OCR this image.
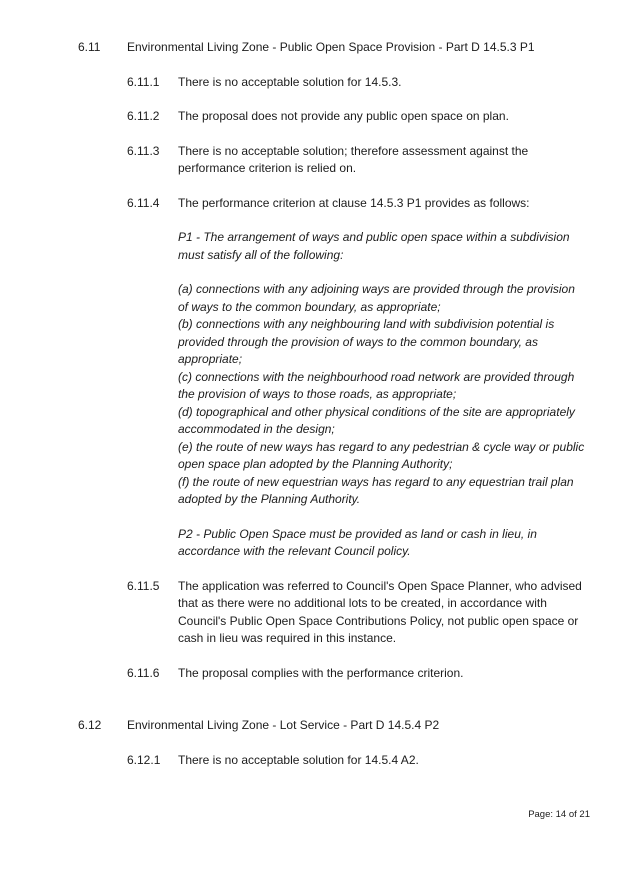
6.11	Environmental Living Zone - Public Open Space Provision - Part D 14.5.3 P1
6.11.1	There is no acceptable solution for 14.5.3.
6.11.2	The proposal does not provide any public open space on plan.
6.11.3	There is no acceptable solution; therefore assessment against the performance criterion is relied on.
6.11.4	The performance criterion at clause 14.5.3 P1 provides as follows:
P1 - The arrangement of ways and public open space within a subdivision must satisfy all of the following:
(a) connections with any adjoining ways are provided through the provision of ways to the common boundary, as appropriate;
(b) connections with any neighbouring land with subdivision potential is provided through the provision of ways to the common boundary, as appropriate;
(c) connections with the neighbourhood road network are provided through the provision of ways to those roads, as appropriate;
(d) topographical and other physical conditions of the site are appropriately accommodated in the design;
(e) the route of new ways has regard to any pedestrian & cycle way or public open space plan adopted by the Planning Authority;
(f) the route of new equestrian ways has regard to any equestrian trail plan adopted by the Planning Authority.
P2 - Public Open Space must be provided as land or cash in lieu, in accordance with the relevant Council policy.
6.11.5	The application was referred to Council's Open Space Planner, who advised that as there were no additional lots to be created, in accordance with Council's Public Open Space Contributions Policy, not public open space or cash in lieu was required in this instance.
6.11.6	The proposal complies with the performance criterion.
6.12	Environmental Living Zone - Lot Service - Part D 14.5.4 P2
6.12.1	There is no acceptable solution for 14.5.4 A2.
Page: 14 of 21
